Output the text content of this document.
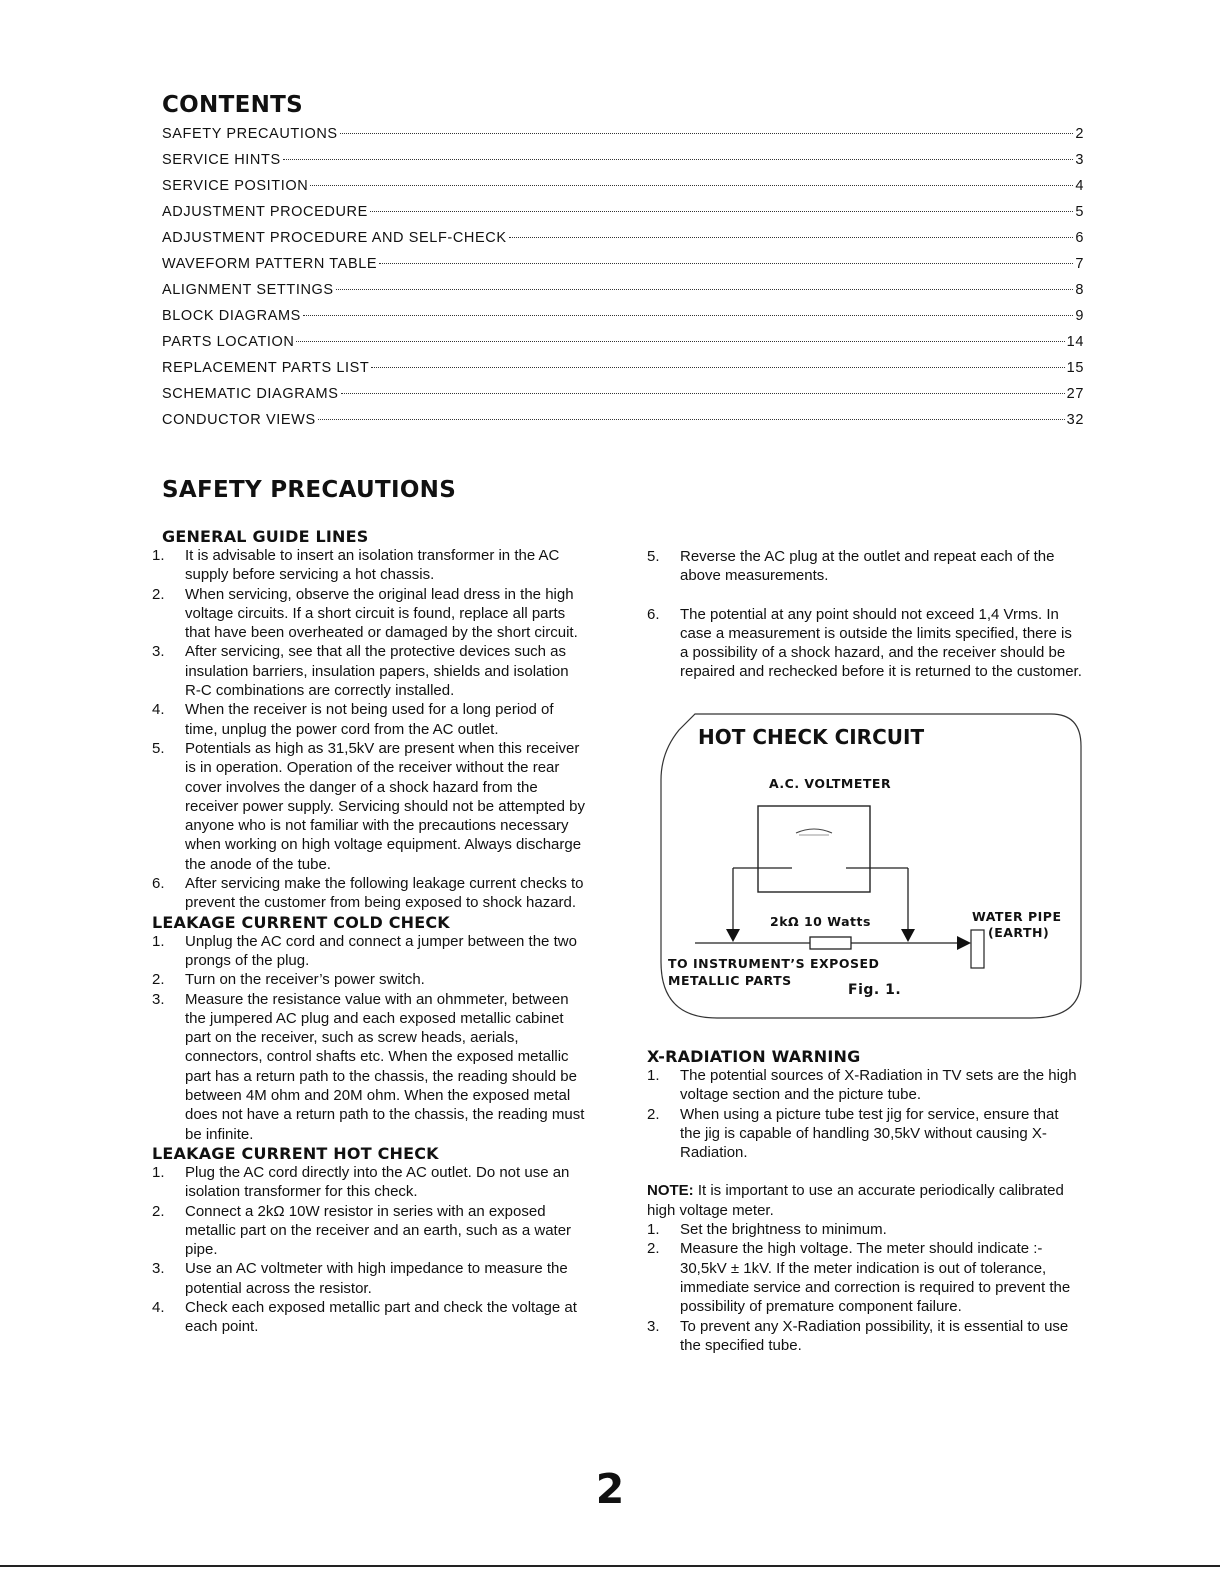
CONTENTS
SAFETY PRECAUTIONS	2
SERVICE HINTS	3
SERVICE POSITION	4
ADJUSTMENT PROCEDURE	5
ADJUSTMENT PROCEDURE AND SELF-CHECK	6
WAVEFORM PATTERN TABLE	7
ALIGNMENT SETTINGS	8
BLOCK DIAGRAMS	9
PARTS LOCATION	14
REPLACEMENT PARTS LIST	15
SCHEMATIC DIAGRAMS	27
CONDUCTOR VIEWS	32
SAFETY PRECAUTIONS
GENERAL GUIDE LINES
1. It is advisable to insert an isolation transformer in the AC supply before servicing a hot chassis.
2. When servicing, observe the original lead dress in the high voltage circuits. If a short circuit is found, replace all parts that have been overheated or damaged by the short circuit.
3. After servicing, see that all the protective devices such as insulation barriers, insulation papers, shields and isolation R-C combinations are correctly installed.
4. When the receiver is not being used for a long period of time, unplug the power cord from the AC outlet.
5. Potentials as high as 31,5kV are present when this receiver is in operation. Operation of the receiver without the rear cover involves the danger of a shock hazard from the receiver power supply. Servicing should not be attempted by anyone who is not familiar with the precautions necessary when working on high voltage equipment. Always discharge the anode of the tube.
6. After servicing make the following leakage current checks to prevent the customer from being exposed to shock hazard.
LEAKAGE CURRENT COLD CHECK
1. Unplug the AC cord and connect a jumper between the two prongs of the plug.
2. Turn on the receiver’s power switch.
3. Measure the resistance value with an ohmmeter, between the jumpered AC plug and each exposed metallic cabinet part on the receiver, such as screw heads, aerials, connectors, control shafts etc. When the exposed metallic part has a return path to the chassis, the reading should be between 4M ohm and 20M ohm. When the exposed metal does not have a return path to the chassis, the reading must be infinite.
LEAKAGE CURRENT HOT CHECK
1. Plug the AC cord directly into the AC outlet. Do not use an isolation transformer for this check.
2. Connect a 2kΩ 10W resistor in series with an exposed metallic part on the receiver and an earth, such as a water pipe.
3. Use an AC voltmeter with high impedance to measure the potential across the resistor.
4. Check each exposed metallic part and check the voltage at each point.
5. Reverse the AC plug at the outlet and repeat each of the above measurements.
6. The potential at any point should not exceed 1,4 Vrms. In case a measurement is outside the limits specified, there is a possibility of a shock hazard, and the receiver should be repaired and rechecked before it is returned to the customer.
HOT CHECK CIRCUIT
A.C. VOLTMETER
2kΩ 10 Watts	WATER PIPE
(EARTH)
TO INSTRUMENT’S EXPOSED
METALLIC PARTS
Fig. 1.
X-RADIATION WARNING
1. The potential sources of X-Radiation in TV sets are the high voltage section and the picture tube.
2. When using a picture tube test jig for service, ensure that the jig is capable of handling 30,5kV without causing X-Radiation.
NOTE: It is important to use an accurate periodically calibrated high voltage meter.
1. Set the brightness to minimum.
2. Measure the high voltage. The meter should indicate :- 30,5kV ± 1kV. If the meter indication is out of tolerance, immediate service and correction is required to prevent the possibility of premature component failure.
3. To prevent any X-Radiation possibility, it is essential to use the specified tube.
2
